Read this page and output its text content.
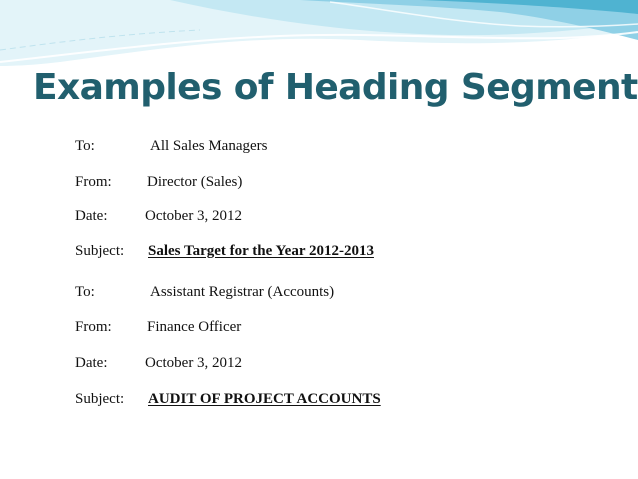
Examples of Heading Segment
To:	All Sales Managers
From: Director (Sales)
Date:	October 3, 2012
Subject: Sales Target for the Year 2012-2013
To:	Assistant Registrar (Accounts)
From: Finance Officer
Date:	October 3, 2012
Subject: AUDIT OF PROJECT ACCOUNTS
